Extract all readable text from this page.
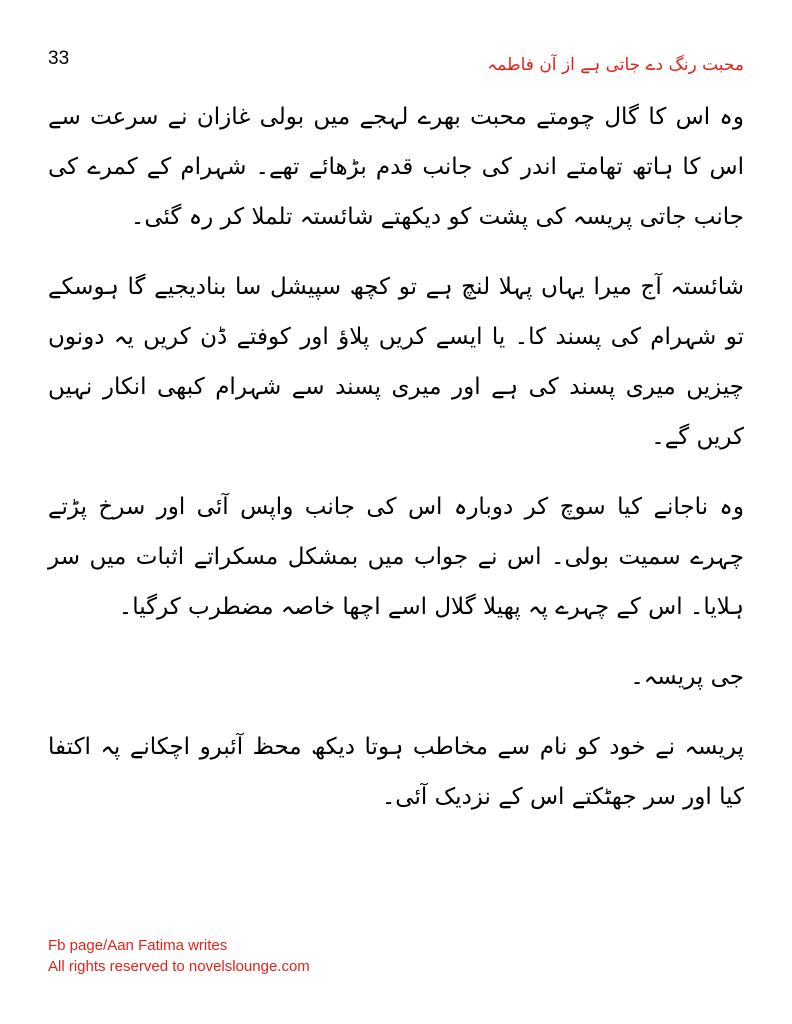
33	محبت رنگ دے جاتی ہے از آن فاطمہ

وہ اس کا گال چومتے محبت بھرے لہجے میں بولی غازان نے سرعت سے اس کا ہاتھ تھامتے اندر کی جانب قدم بڑھائے تھے۔ شہرام کے کمرے کی جانب جاتی پریسہ کی پشت کو دیکھتے شائستہ تلملا کر رہ گئی۔

شائستہ آج میرا یہاں پہلا لنچ ہے تو کچھ سپیشل سا بنادیجیے گا ہوسکے تو شہرام کی پسند کا۔ یا ایسے کریں پلاؤ اور کوفتے ڈن کریں یہ دونوں چیزیں میری پسند کی ہے اور میری پسند سے شہرام کبھی انکار نہیں کریں گے۔

وہ ناجانے کیا سوچ کر دوبارہ اس کی جانب واپس آئی اور سرخ پڑتے چہرے سمیت بولی۔ اس نے جواب میں بمشکل مسکراتے اثبات میں سر ہلایا۔ اس کے چہرے پہ پھیلا گلال اسے اچھا خاصہ مضطرب کرگیا۔

جی پریسہ۔

پریسہ نے خود کو نام سے مخاطب ہوتا دیکھ محظ آئبرو اچکانے پہ اکتفا کیا اور سر جھٹکتے اس کے نزدیک آئی۔

Fb page/Aan Fatima writes
All rights reserved to novelslounge.com
